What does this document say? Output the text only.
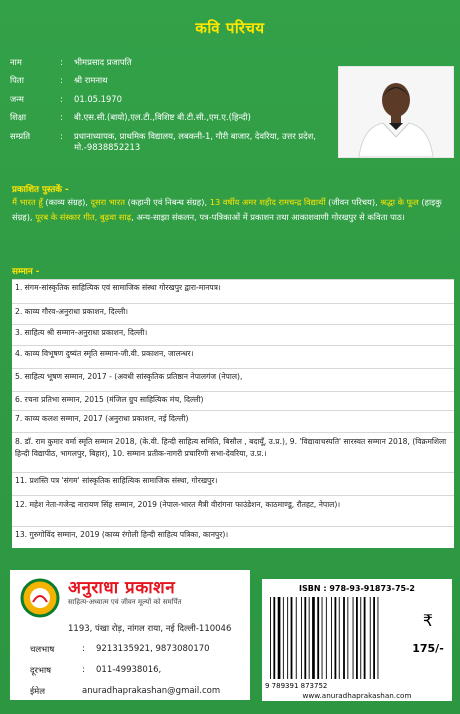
कवि परिचय
नाम	:	भीमप्रसाद प्रजापति
पिता	:	श्री रामनाथ
जन्म	:	01.05.1970
शिक्षा	:	बी.एस.सी.(बायो),एल.टी.,विशिष्ट बी.टी.सी.,एम.ए.(हिन्दी)
सम्प्रति	:	प्रधानाध्यापक, प्राथमिक विद्यालय, लबकनी-1, गौरी बाजार, देवरिया, उत्तर प्रदेश, मो.-9838852213
प्रकाशित पुस्तकें -
मैं भारत हूँ (काव्य संग्रह), दूसरा भारत (कहानी एवं निबन्ध संग्रह), 13 वर्षीय अमर शहीद रामचन्द्र विद्यार्थी (जीवन परिचय), श्रद्धा के फूल (हाइकु संग्रह), पूरब के संस्कार गीत, बुढ़वा साढ़, अन्य-साझा संकलन, पत्र-पत्रिकाओं में प्रकाशन तथा आकाशवाणी गोरखपुर से कविता पाठ।
सम्मान -
1. संगम-सांस्कृतिक साहित्यिक एवं सामाजिक संस्था गोरखपुर द्वारा-मानपत्र।
2. काव्य गौरव-अनुराधा प्रकाशन, दिल्ली।
3. साहित्य श्री सम्मान-अनुराधा प्रकाशन, दिल्ली।
4. काव्य विभूषण दुष्यंत स्मृति सम्मान-जी.वी. प्रकाशन, जालन्धर।
5. साहित्य भूषण सम्मान, 2017 - (अवधी सांस्कृतिक प्रतिष्ठान नेपालगंज (नेपाल),
6. रचना प्रतिभा सम्मान, 2015 (मंजिल ग्रुप साहित्यिक मंच, दिल्ली)
7. काव्य कलश सम्मान, 2017 (अनुराधा प्रकाशन, नई दिल्ली)
8. डॉ. राम कुमार वर्मा स्मृति सम्मान 2018, (के.वी. हिन्दी साहित्य समिति, बिसौल , बदायूँ, उ.प्र.), 9. 'विद्यावाचस्पति' सारस्वत सम्मान 2018, (विक्रमशिला हिन्दी विद्यापीठ, भागलपुर, बिहार), 10. सम्मान प्रतीक-नागरी प्रचारिणी सभा-देवरिया, उ.प्र.।
11. प्रशस्ति पत्र 'संगम' सांस्कृतिक साहित्यिक सामाजिक संस्था, गोरखपुर।
12. महेश नेता-गजेन्द्र नारायण सिंह सम्मान, 2019 (नेपाल-भारत मैत्री वीरांगना फाउंडेशन, काठमाण्डू, रौतहट, नेपाल)।
13. गुरुगोविंद सम्मान, 2019 (काव्य रंगोली हिन्दी साहित्य पत्रिका, कानपुर)।
अनुराधा प्रकाशन
साहित्य-अध्यात्म एवं जीवन मूल्यों को समर्पित
1193, पंखा रोड़, नांगल राया, नई दिल्ली-110046
चलभाष	:	9213135921, 9873080170
दूरभाष	:	011-49938016,
ईमेल	anuradhaprakashan@gmail.com
ISBN : 978-93-91873-75-2
9 789391 873752
₹
175/-
www.anuradhaprakashan.com
